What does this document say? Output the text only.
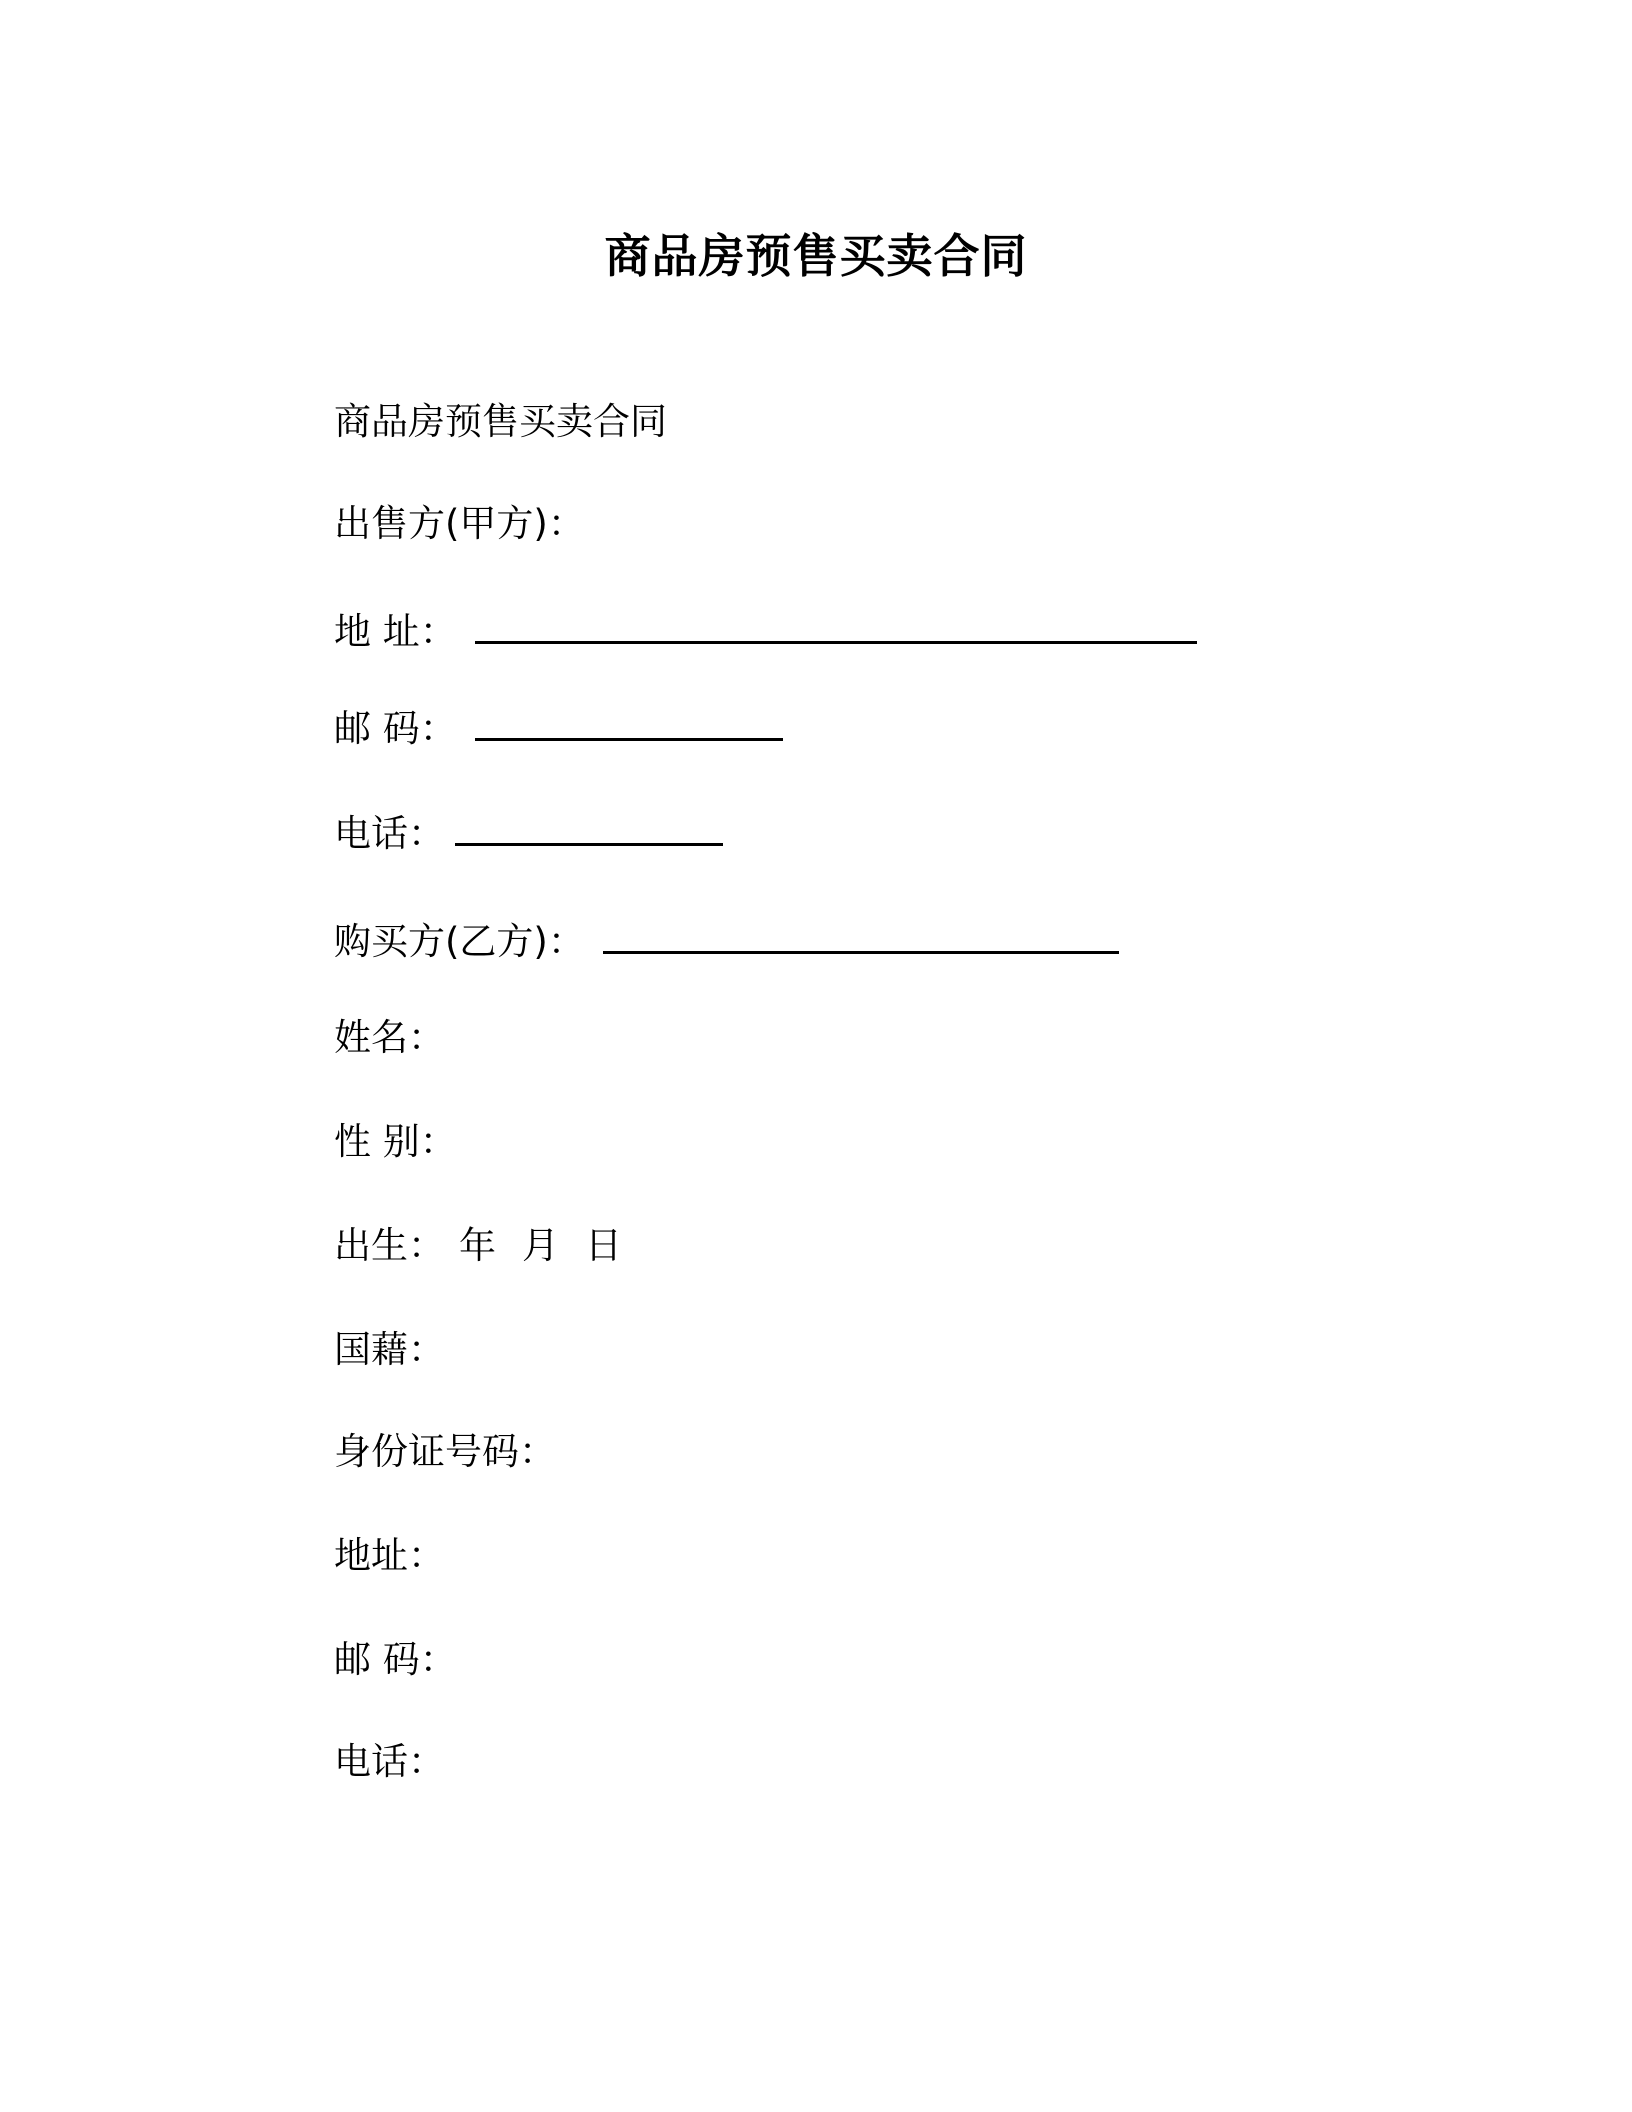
商品房预售买卖合同
商品房预售买卖合同
出售方(甲方)：
地 址：
邮 码：
电话：
购买方(乙方)：
姓名：
性 别：
出生： 年 月 日
国藉：
身份证号码：
地址：
邮 码：
电话：
